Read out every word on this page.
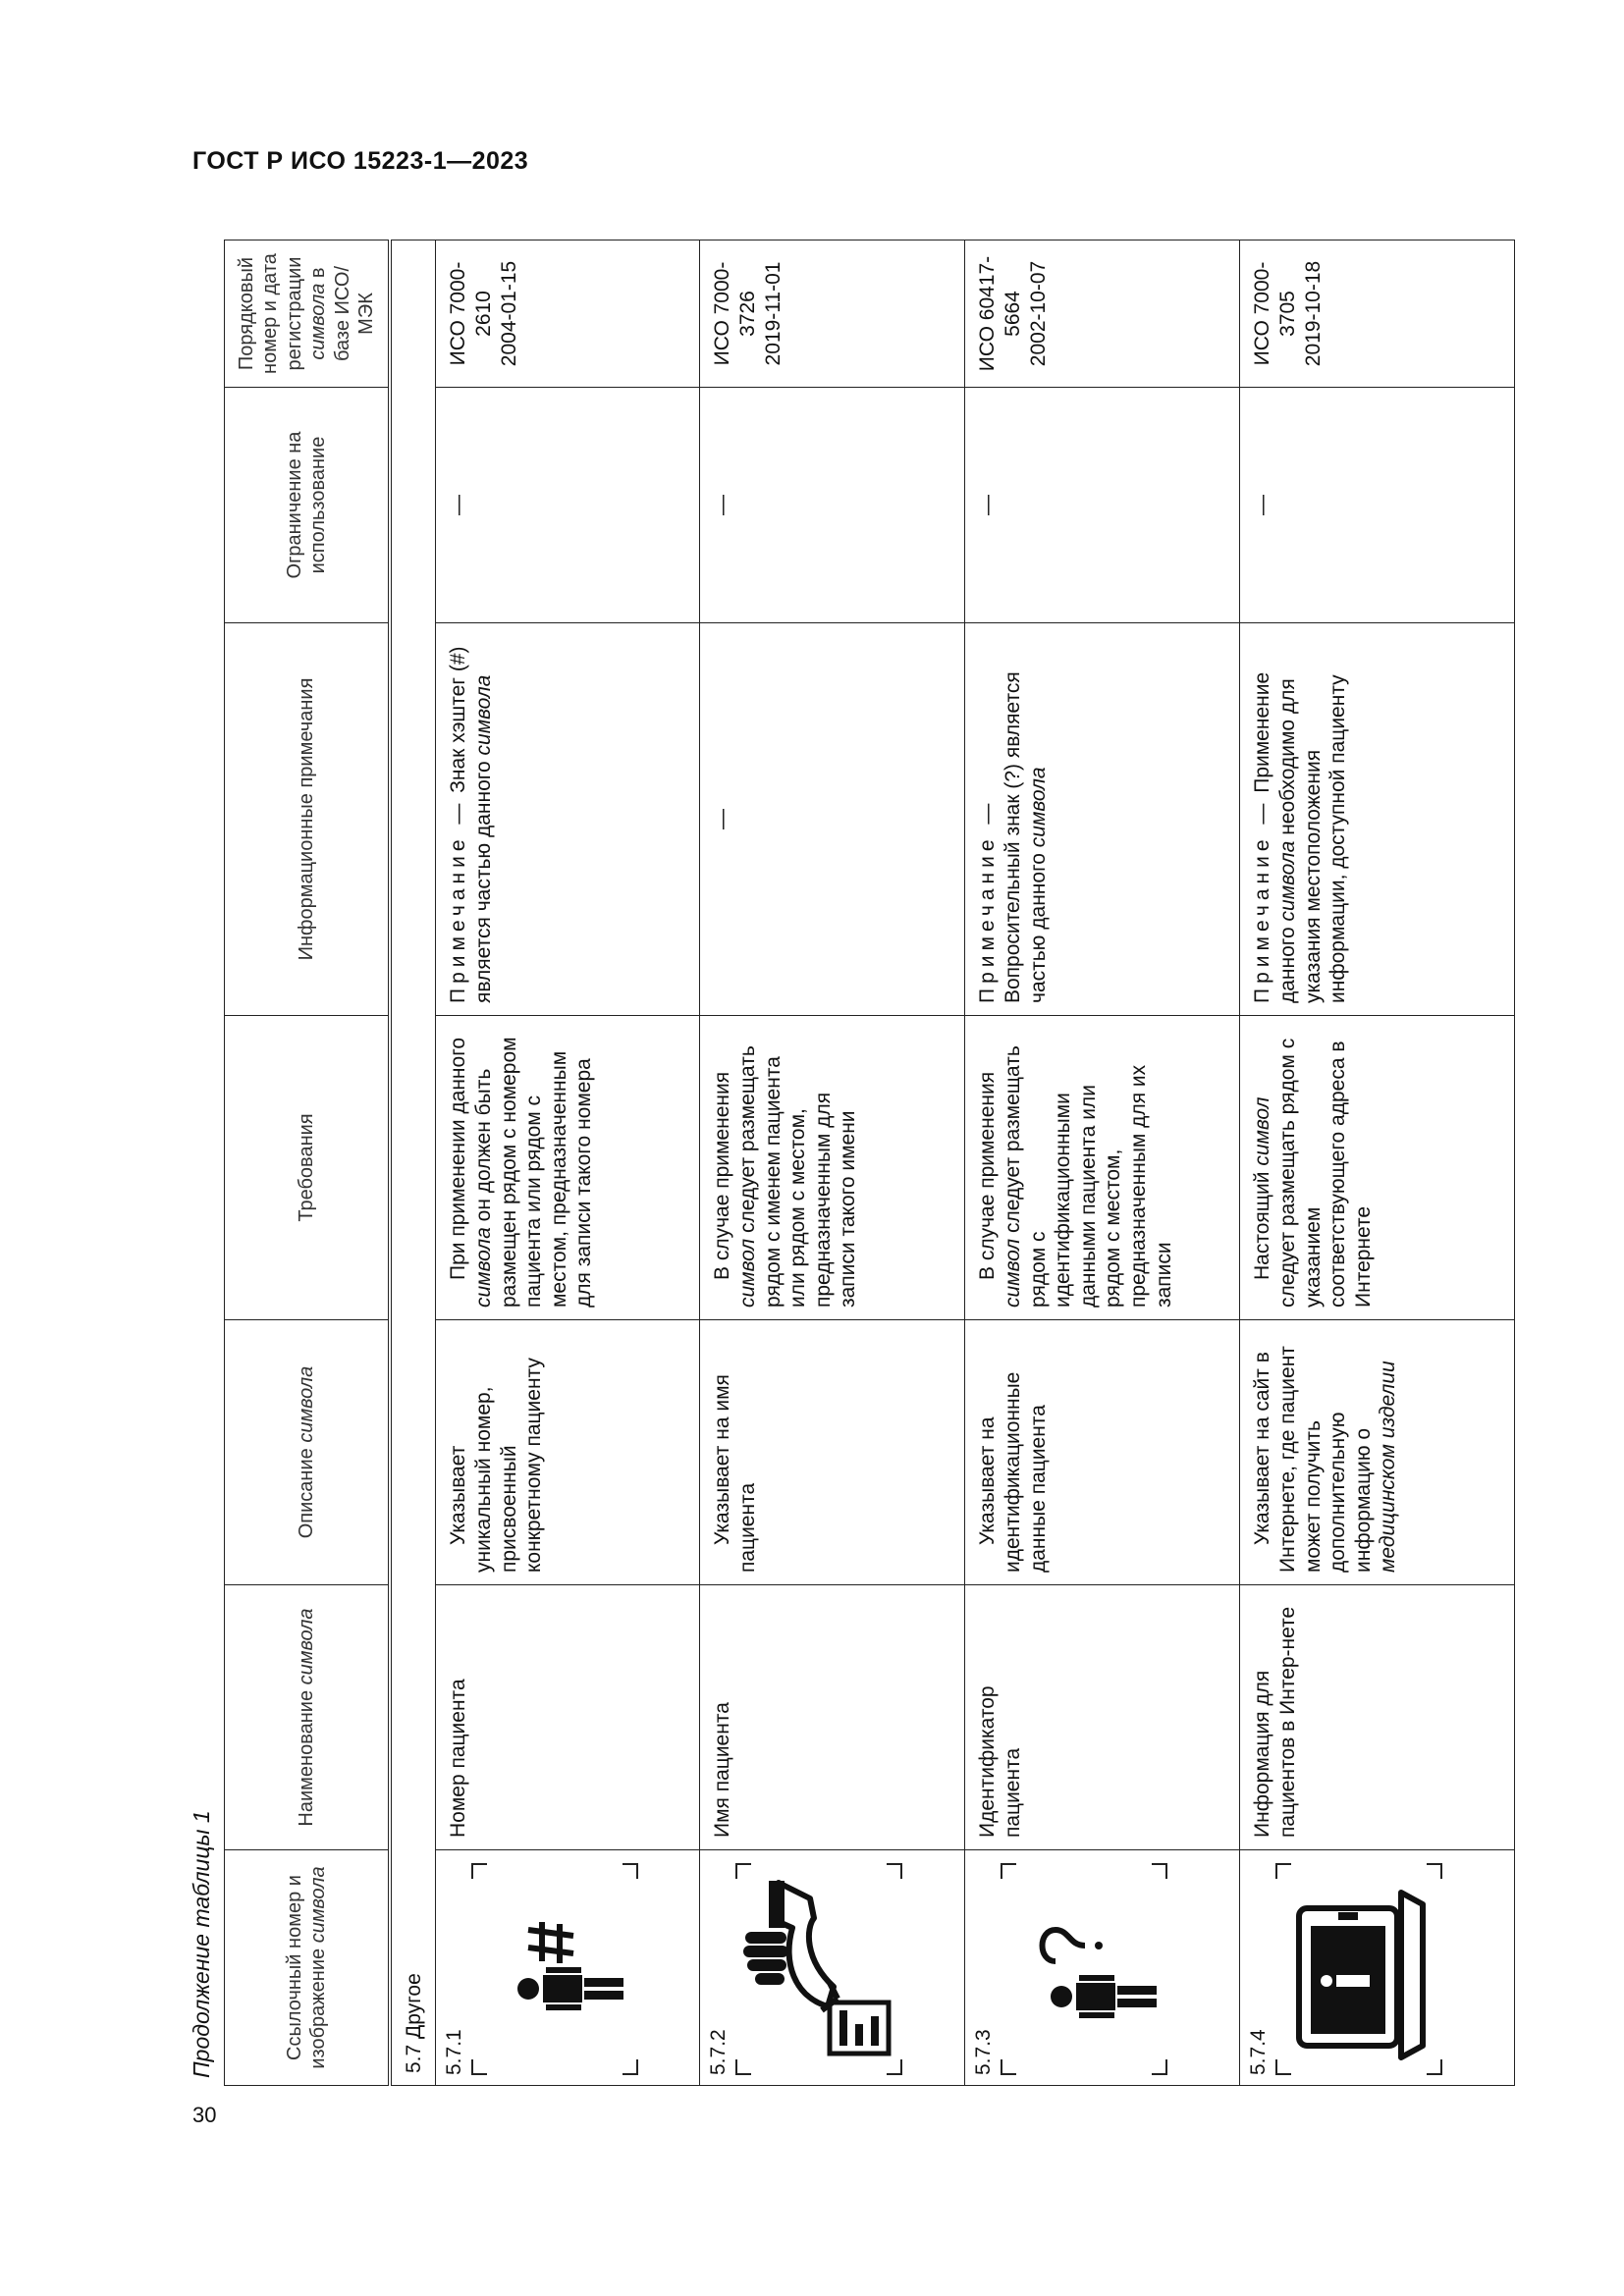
ГОСТ Р ИСО 15223-1—2023
Продолжение таблицы 1	Ссылочный номер и изображение символа	Наименование символа	Описание символа	Требования	Информационные примечания	Ограничение на использование	Порядковый номер и дата регистрации символа в базе ИСО/МЭК
5.7 Другое						

5.7.1	Номер пациента	Указывает уникальный номер, присвоенный конкретному пациенту	При применении данного символа он должен быть размещен рядом с номером пациента или рядом с местом, предназначенным для записи такого номера	Примечание — Знак хэштег (#) является частью данного символа	—	ИСО 7000-2610 2004-01-15

5.7.2	Имя пациента	Указывает на имя пациента	В случае применения символ следует размещать рядом с именем пациента или рядом с местом, предназначенным для записи такого имени	—	—	ИСО 7000-3726 2019-11-01

5.7.3	Идентификатор пациента	Указывает на идентификационные данные пациента	В случае применения символ следует размещать рядом с идентификационными данными пациента или рядом с местом, предназначенным для их записи	Примечание — Вопросительный знак (?) является частью данного символа	—	ИСО 60417-5664 2002-10-07

5.7.4	Информация для пациентов в Интер-нете	Указывает на сайт в Интернете, где пациент может получить дополнительную информацию о медицинском изделии	Настоящий символ следует размещать рядом с указанием соответствующего адреса в Интернете	Примечание — Применение данного символа необходимо для указания местоположения информации, доступной пациенту	—	ИСО 7000-3705 2019-10-18
30
